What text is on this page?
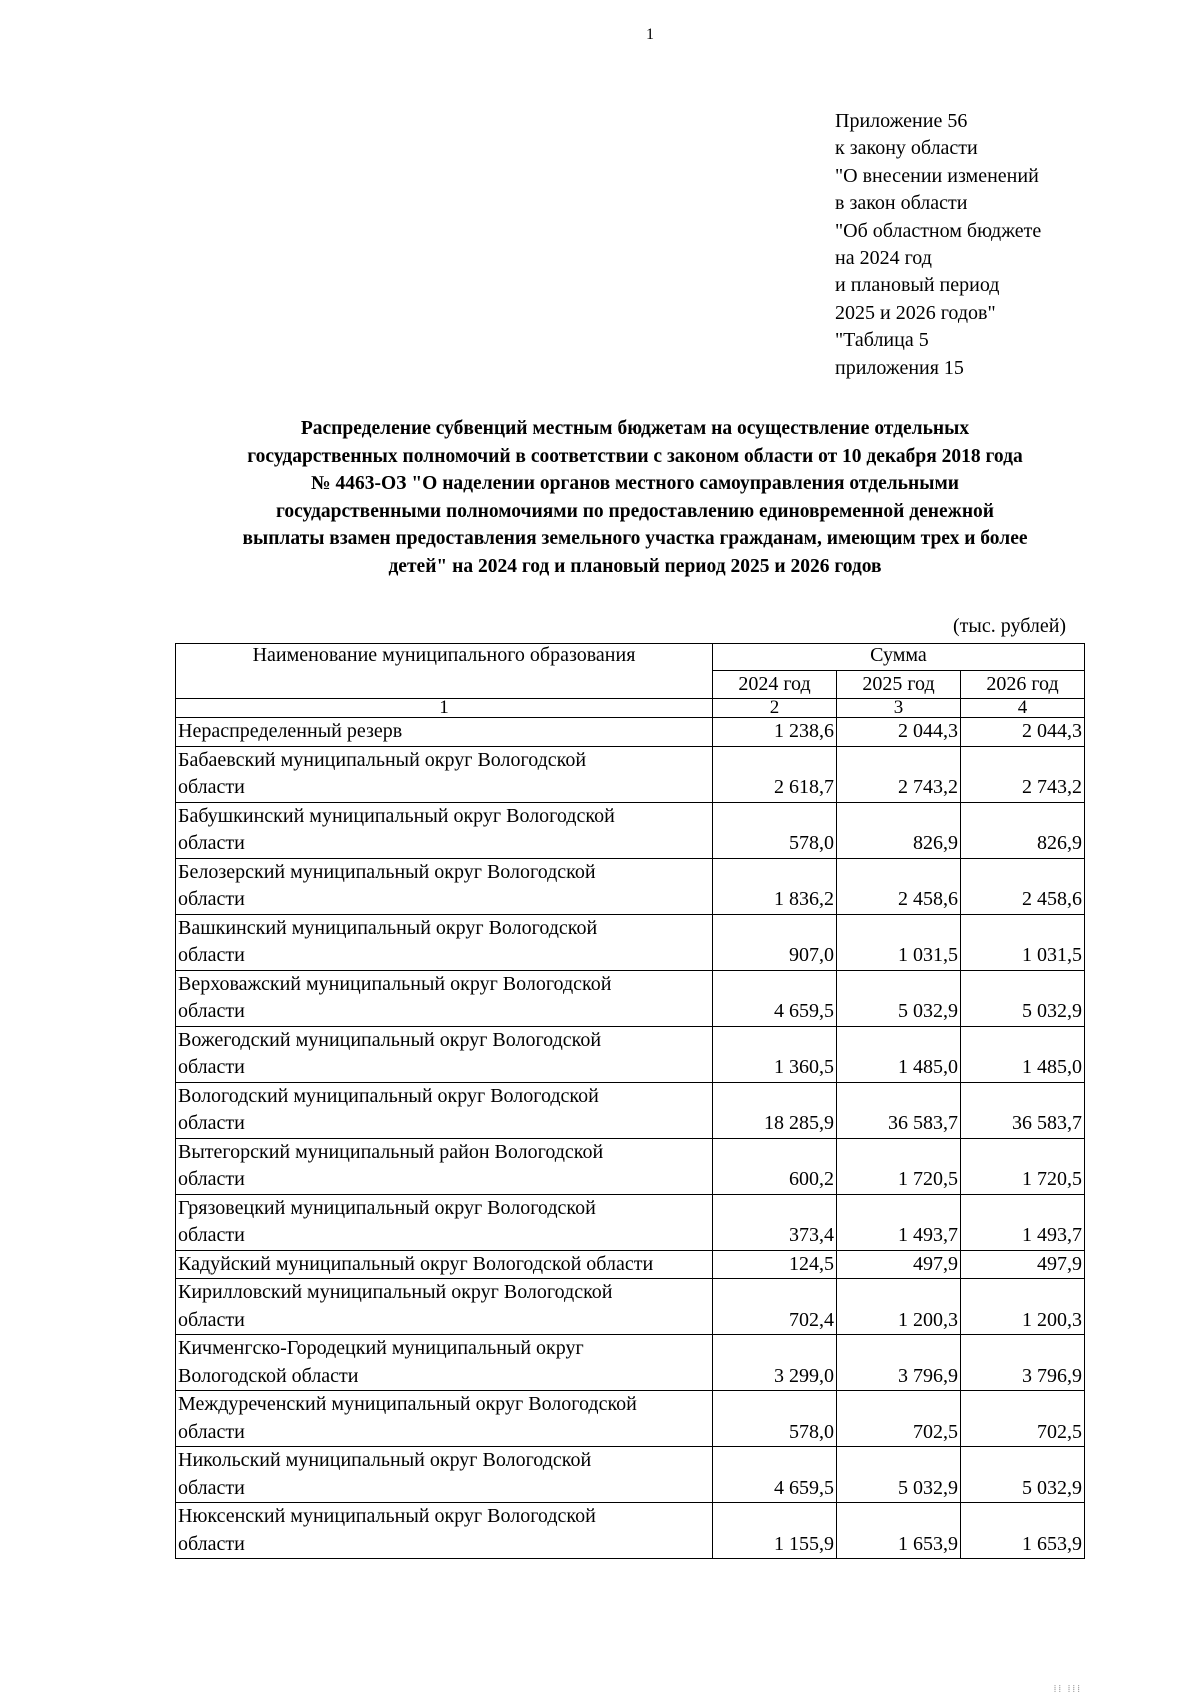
1
Приложение 56
к закону области
"О внесении изменений
в закон области
"Об областном бюджете
на 2024 год
и плановый период
2025 и 2026 годов"
"Таблица 5
приложения 15
Распределение субвенций местным бюджетам на осуществление отдельных
государственных полномочий в соответствии с законом области от 10 декабря 2018 года
№ 4463-ОЗ "О наделении органов местного самоуправления отдельными
государственными полномочиями по предоставлению единовременной денежной
выплаты взамен предоставления земельного участка гражданам, имеющим трех и более
детей" на 2024 год и плановый период 2025 и 2026 годов
(тыс. рублей)
Наименование муниципального образования	Сумма		
	2024 год	2025 год	2026 год
1	2	3	4

Нераспределенный резерв	1 238,6	2 044,3	2 044,3

Бабаевский муниципальный округ Вологодской
области	2 618,7	2 743,2	2 743,2

Бабушкинский муниципальный округ Вологодской
области	578,0	826,9	826,9

Белозерский муниципальный округ Вологодской
области	1 836,2	2 458,6	2 458,6

Вашкинский муниципальный округ Вологодской
области	907,0	1 031,5	1 031,5

Верховажский муниципальный округ Вологодской
области	4 659,5	5 032,9	5 032,9

Вожегодский муниципальный округ Вологодской
области	1 360,5	1 485,0	1 485,0

Вологодский муниципальный округ Вологодской
области	18 285,9	36 583,7	36 583,7

Вытегорский муниципальный район Вологодской
области	600,2	1 720,5	1 720,5

Грязовецкий муниципальный округ Вологодской
области	373,4	1 493,7	1 493,7

Кадуйский муниципальный округ Вологодской области	124,5	497,9	497,9

Кирилловский муниципальный округ Вологодской
области	702,4	1 200,3	1 200,3

Кичменгско-Городецкий муниципальный округ
Вологодской области	3 299,0	3 796,9	3 796,9

Междуреченский муниципальный округ Вологодской
области	578,0	702,5	702,5

Никольский муниципальный округ Вологодской
области	4 659,5	5 032,9	5 032,9

Нюксенский муниципальный округ Вологодской
области	1 155,9	1 653,9	1 653,9
⁞⁞ ⁞⁞⁞
